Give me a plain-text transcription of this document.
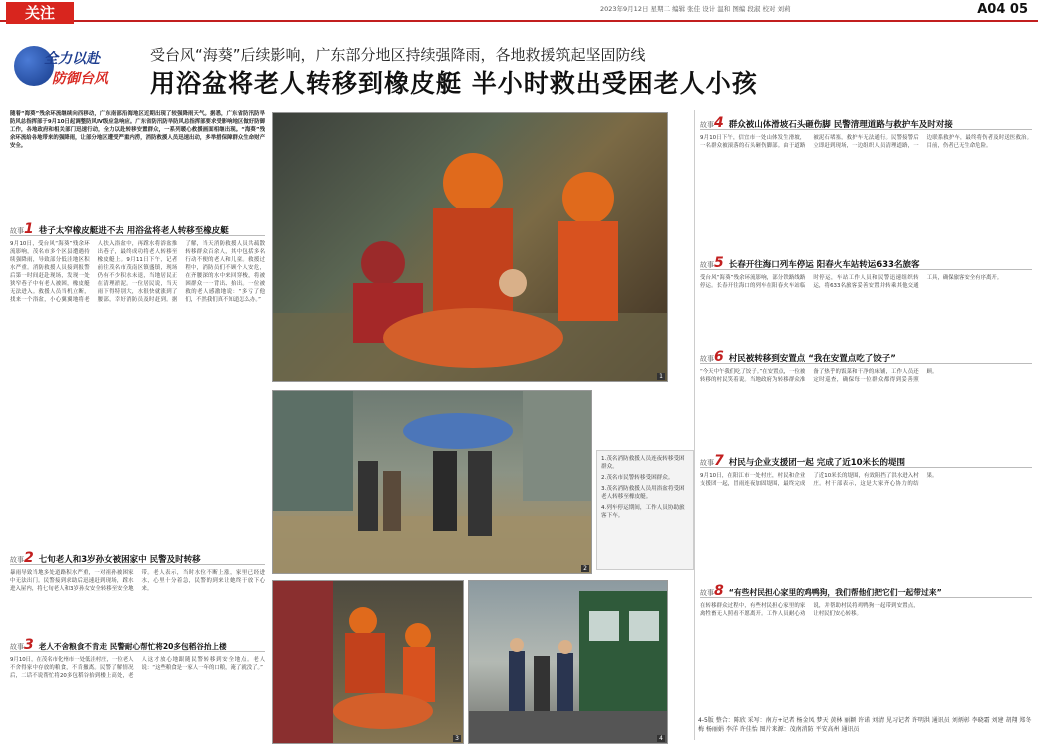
关注	2023年9月12日 星期二 编辑 张佳 设计 温和 图编 段淑 校对 刘莉	A04 05
全力以赴
防御台风
受台风“海葵”后续影响，广东部分地区持续强降雨，各地救援筑起坚固防线
用浴盆将老人转移到橡皮艇 半小时救出受困老人小孩
随着“海葵”残余环流继续向西移动，广东南部沿海地区近期出现了较强降雨天气。据悉，广东省防汛防旱防风总指挥部于9月10日起调整防风Ⅳ级应急响应。广东省防汛防旱防风总指挥部要求受影响地区做好防御工作，各地政府和相关部门迅速行动，全力以赴转移安置群众，一系列暖心救援画面相继出现。“海葵”残余环流给各地带来的强降雨，让部分地区遭受严重内涝，消防救援人员迅速出动，多举措保障群众生命财产安全。
故事1 巷子太窄橡皮艇进不去 用浴盆将老人转移至橡皮艇
9月10日，受台风“海葵”残余环流影响，茂名市多个区县遭遇持续强降雨，导致部分低洼地区积水严重。消防救援人员接到报警后第一时间赶赴现场，发现一处狭窄巷子中有老人被困，橡皮艇无法进入。救援人员当机立断，找来一个浴盆，小心翼翼地将老人扶入浴盆中，再蹚水将浴盆推出巷子，最终成功将老人转移至橡皮艇上。9月11日下午，记者前往茂名市茂南区镇盛镇，现场仍有不少积水未退，当地居民正在清理淤泥。一位居民说，当天雨下得特别大，水很快就涨到了腰部，幸好消防员及时赶到。据了解，当天消防救援人员共疏散转移群众百余人，其中包括多名行动不便的老人和儿童。救援过程中，消防员们不顾个人安危，在齐腰深的水中来回穿梭，将被困群众一一背出、抬出。一位被救的老人感激地说：“多亏了他们，不然我们真不知道怎么办。”
故事2 七旬老人和3岁孙女被困家中 民警及时转移
暴雨导致当地多处道路积水严重，一对祖孙被困家中无法出门。民警接到求助后迅速赶到现场，蹚水进入屋内，将七旬老人和3岁孙女安全转移至安全地带。老人表示，当时水位不断上涨，家里已经进水，心里十分着急，民警的到来让她终于放下心来。
故事3 老人不舍粮食不肯走 民警耐心帮忙将20多包稻谷抬上楼
9月10日，在茂名市化州市一处低洼村庄，一位老人不舍得家中存放的粮食，不肯撤离。民警了解情况后，二话不说帮忙将20多包稻谷抬到楼上高处，老人这才放心地跟随民警转移到安全地点。老人说：“这些粮食是一家人一年的口粮，淹了就没了。”
1
2

1.茂名消防救援人员连夜转移受困群众。

2.茂名市民警转移受困群众。

3.茂名消防救援人员用浴盆将受困老人转移至橡皮艇。

4.列车停运期间，工作人员协助旅客下车。

3	4
故事4 群众被山体滑坡石头砸伤脚 民警清理道路与救护车及时对接
9月10日下午，信宜市一处山体发生滑坡，一名群众被滚落的石头砸伤脚部。由于道路被泥石堵塞，救护车无法通行。民警接警后立即赶到现场，一边组织人员清理道路，一边联系救护车，最终将伤者及时送医救治。目前，伤者已无生命危险。
故事5 长春开往海口列车停运 阳春火车站转运633名旅客
受台风“海葵”残余环流影响，部分铁路线路停运。长春开往海口的列车在阳春火车站临时停运，车站工作人员和民警迅速组织转运，将633名旅客妥善安置并转乘其他交通工具，确保旅客安全有序离开。
故事6 村民被转移到安置点 “我在安置点吃了饺子”
“今天中午我们吃了饺子。”在安置点，一位被转移的村民笑着说。当地政府为转移群众准备了热乎的饭菜和干净的床铺，工作人员还定时巡查，确保每一位群众都得到妥善照顾。
故事7 村民与企业支援团一起 完成了近10米长的堤围
9月10日，在阳江市一处村庄，村民和企业支援团一起，冒雨连夜加固堤围，最终完成了近10米长的堤围，有效阻挡了洪水进入村庄。村干部表示，这是大家齐心协力的结果。
故事8 “有些村民担心家里的鸡鸭狗，我们帮他们把它们一起带过来”
在转移群众过程中，有些村民担心家里的家禽牲畜无人照看不愿离开。工作人员耐心劝说，并帮助村民将鸡鸭狗一起带到安置点，让村民们安心转移。
4-5版 整合：陈欣 采写：南方+记者 杨金凤 梦天 黄林 丽颖 许诺 刘清 见习记者 许明洪 通讯员 刘炳彰 李晓霜 刘建 胡翔 郑冬梅 杨丽娟 李洋 许佳怡 图片来源：茂南消防 平安高州 通讯员
